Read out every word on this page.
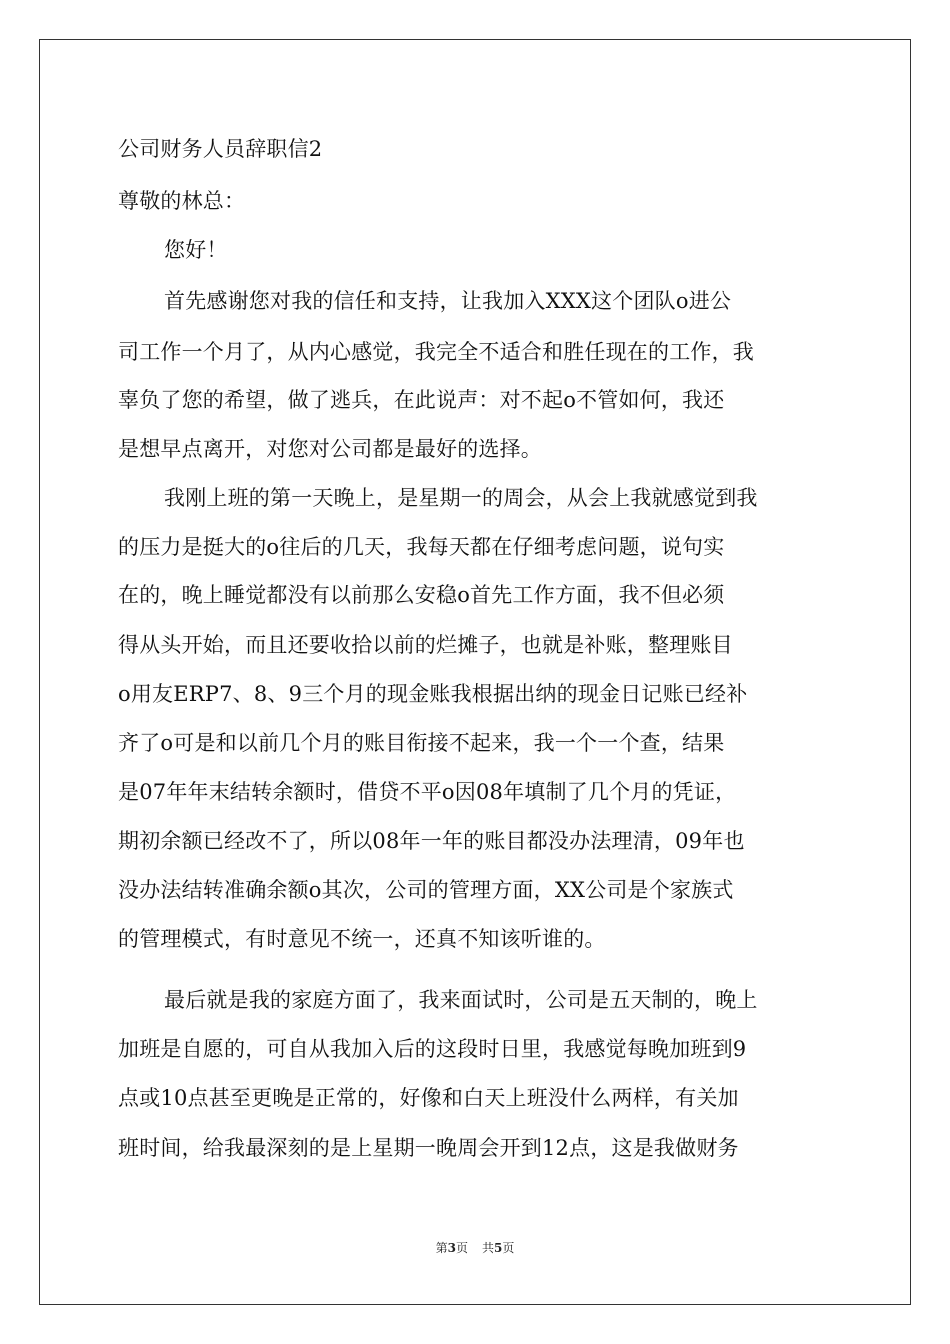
公司财务人员辞职信2
尊敬的林总：
您好！
首先感谢您对我的信任和支持，让我加入XXX这个团队o进公
司工作一个月了，从内心感觉，我完全不适合和胜任现在的工作，我
辜负了您的希望，做了逃兵，在此说声：对不起o不管如何，我还
是想早点离开，对您对公司都是最好的选择。
我刚上班的第一天晚上，是星期一的周会，从会上我就感觉到我
的压力是挺大的o往后的几天，我每天都在仔细考虑问题，说句实
在的，晚上睡觉都没有以前那么安稳o首先工作方面，我不但必须
得从头开始，而且还要收拾以前的烂摊子，也就是补账，整理账目
o用友ERP7、8、9三个月的现金账我根据出纳的现金日记账已经补
齐了o可是和以前几个月的账目衔接不起来，我一个一个查，结果
是07年年末结转余额时，借贷不平o因08年填制了几个月的凭证，
期初余额已经改不了，所以08年一年的账目都没办法理清，09年也
没办法结转准确余额o其次，公司的管理方面，XX公司是个家族式
的管理模式，有时意见不统一，还真不知该听谁的。
最后就是我的家庭方面了，我来面试时，公司是五天制的，晚上
加班是自愿的，可自从我加入后的这段时日里，我感觉每晚加班到9
点或10点甚至更晚是正常的，好像和白天上班没什么两样，有关加
班时间，给我最深刻的是上星期一晚周会开到12点，这是我做财务
第3页 共5页
